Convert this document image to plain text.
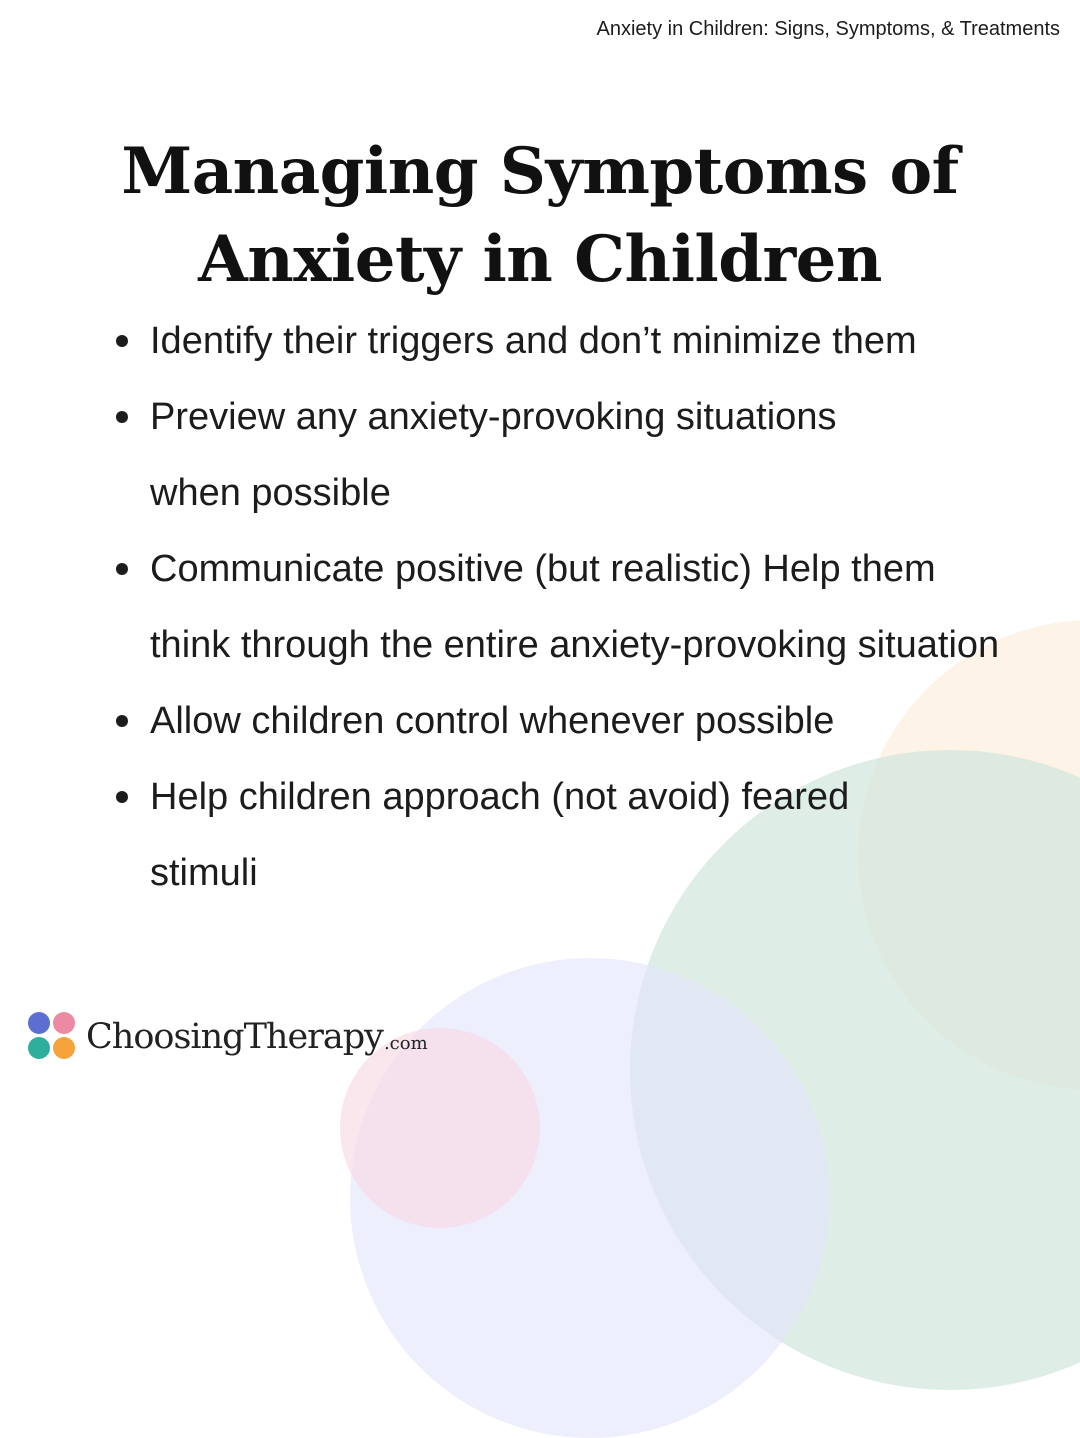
Anxiety in Children: Signs, Symptoms, & Treatments
Managing Symptoms of
Anxiety in Children
Identify their triggers and don’t minimize them
Preview any anxiety-provoking situations when possible
Communicate positive (but realistic) Help them think through the entire anxiety-provoking situation
Allow children control whenever possible
Help children approach (not avoid) feared stimuli
ChoosingTherapy .com
